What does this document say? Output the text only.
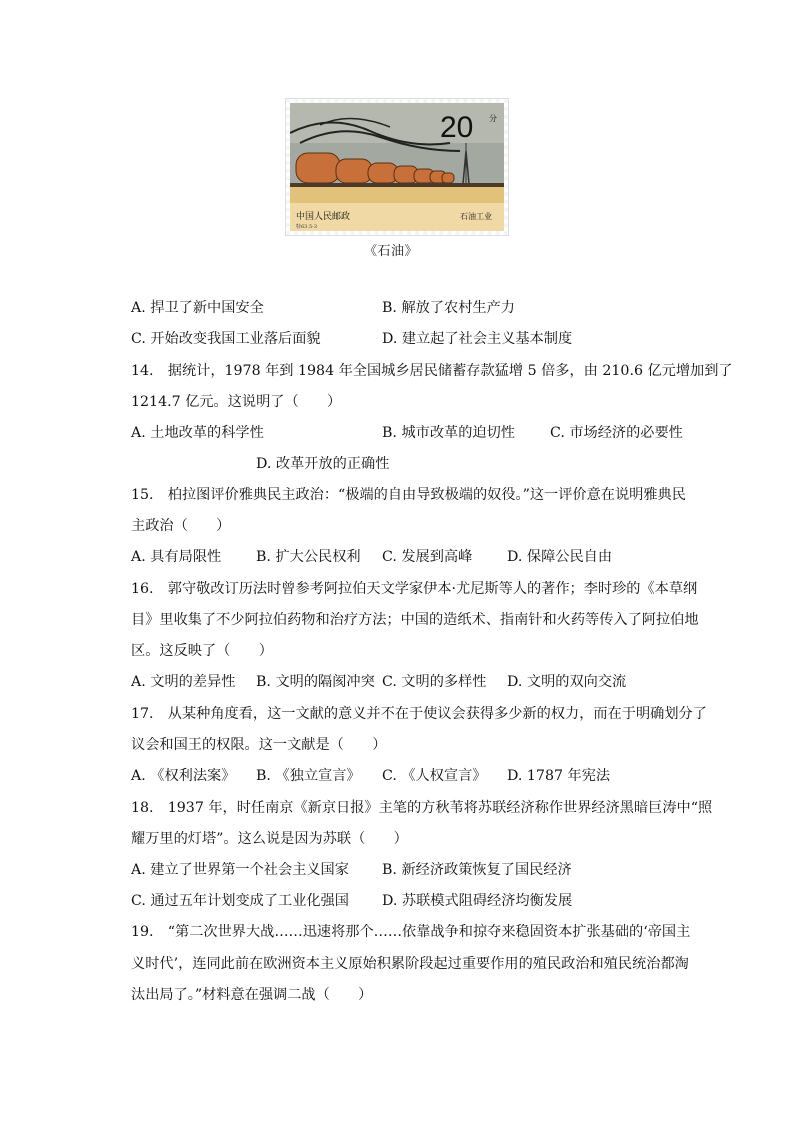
20 分
中国人民邮政	石油工业
特63.5-3
《石油》
A. 捍卫了新中国安全	B. 解放了农村生产力
C. 开始改变我国工业落后面貌	D. 建立起了社会主义基本制度
14.　据统计，1978 年到 1984 年全国城乡居民储蓄存款猛增 5 倍多，由 210.6 亿元增加到了
1214.7 亿元。这说明了（　　）
A. 土地改革的科学性	B. 城市改革的迫切性 C. 市场经济的必要性
D. 改革开放的正确性
15.　柏拉图评价雅典民主政治：“极端的自由导致极端的奴役。”这一评价意在说明雅典民
主政治（　　）
A. 具有局限性 B. 扩大公民权利 C. 发展到高峰 D. 保障公民自由
16.　郭守敬改订历法时曾参考阿拉伯天文学家伊本·尤尼斯等人的著作；李时珍的《本草纲
目》里收集了不少阿拉伯药物和治疗方法；中国的造纸术、指南针和火药等传入了阿拉伯地
区。这反映了（　　）
A. 文明的差异性 B. 文明的隔阂冲突 C. 文明的多样性 D. 文明的双向交流
17.　从某种角度看，这一文献的意义并不在于使议会获得多少新的权力，而在于明确划分了
议会和国王的权限。这一文献是（　　）
A. 《权利法案》 B. 《独立宣言》 C. 《人权宣言》 D. 1787 年宪法
18.　1937 年，时任南京《新京日报》主笔的方秋苇将苏联经济称作世界经济黑暗巨涛中“照
耀万里的灯塔”。这么说是因为苏联（　　）
A. 建立了世界第一个社会主义国家 B. 新经济政策恢复了国民经济
C. 通过五年计划变成了工业化强国 D. 苏联模式阻碍经济均衡发展
19.　“第二次世界大战……迅速将那个……依靠战争和掠夺来稳固资本扩张基础的‘帝国主
义时代’，连同此前在欧洲资本主义原始积累阶段起过重要作用的殖民政治和殖民统治都淘
汰出局了。”材料意在强调二战（　　）
